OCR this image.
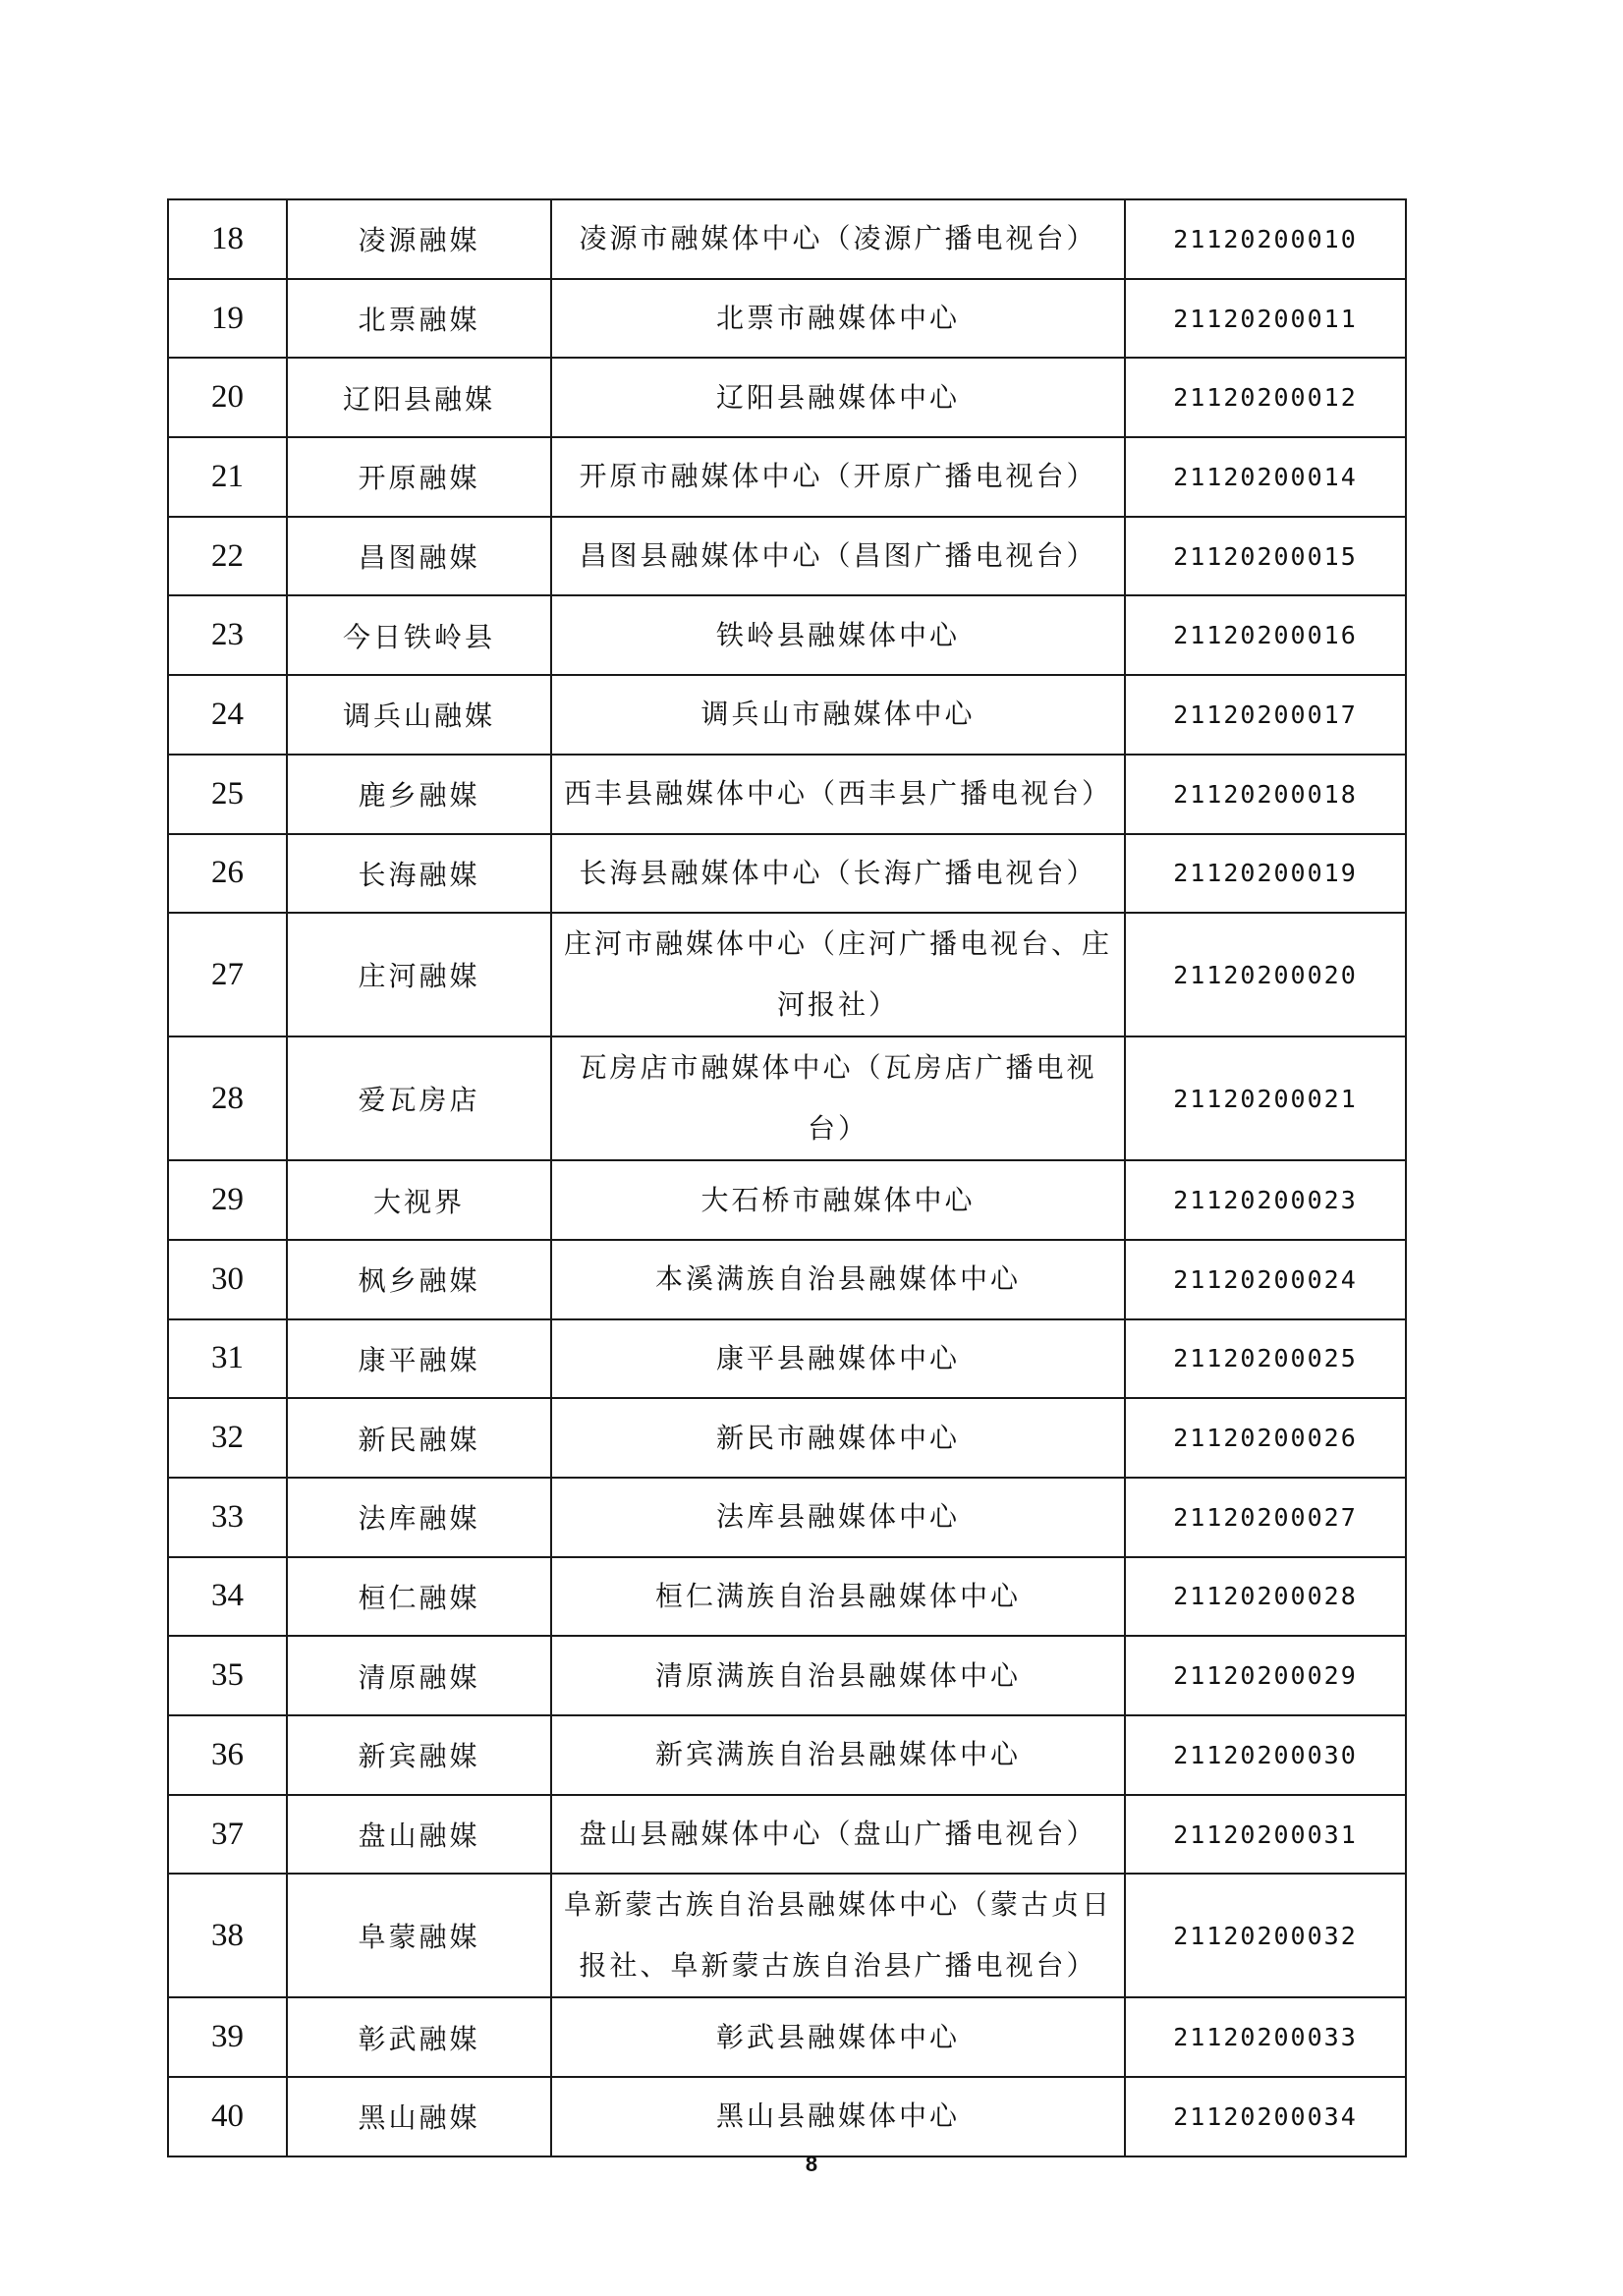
18	凌源融媒	凌源市融媒体中心（凌源广播电视台）	21120200010
19	北票融媒	北票市融媒体中心	21120200011
20	辽阳县融媒	辽阳县融媒体中心	21120200012
21	开原融媒	开原市融媒体中心（开原广播电视台）	21120200014
22	昌图融媒	昌图县融媒体中心（昌图广播电视台）	21120200015
23	今日铁岭县	铁岭县融媒体中心	21120200016
24	调兵山融媒	调兵山市融媒体中心	21120200017
25	鹿乡融媒	西丰县融媒体中心（西丰县广播电视台）	21120200018
26	长海融媒	长海县融媒体中心（长海广播电视台）	21120200019
27	庄河融媒	庄河市融媒体中心（庄河广播电视台、庄河报社）	21120200020
28	爱瓦房店	瓦房店市融媒体中心（瓦房店广播电视台）	21120200021
29	大视界	大石桥市融媒体中心	21120200023
30	枫乡融媒	本溪满族自治县融媒体中心	21120200024
31	康平融媒	康平县融媒体中心	21120200025
32	新民融媒	新民市融媒体中心	21120200026
33	法库融媒	法库县融媒体中心	21120200027
34	桓仁融媒	桓仁满族自治县融媒体中心	21120200028
35	清原融媒	清原满族自治县融媒体中心	21120200029
36	新宾融媒	新宾满族自治县融媒体中心	21120200030
37	盘山融媒	盘山县融媒体中心（盘山广播电视台）	21120200031
38	阜蒙融媒	阜新蒙古族自治县融媒体中心（蒙古贞日报社、阜新蒙古族自治县广播电视台）	21120200032
39	彰武融媒	彰武县融媒体中心	21120200033
40	黑山融媒	黑山县融媒体中心	21120200034
8
